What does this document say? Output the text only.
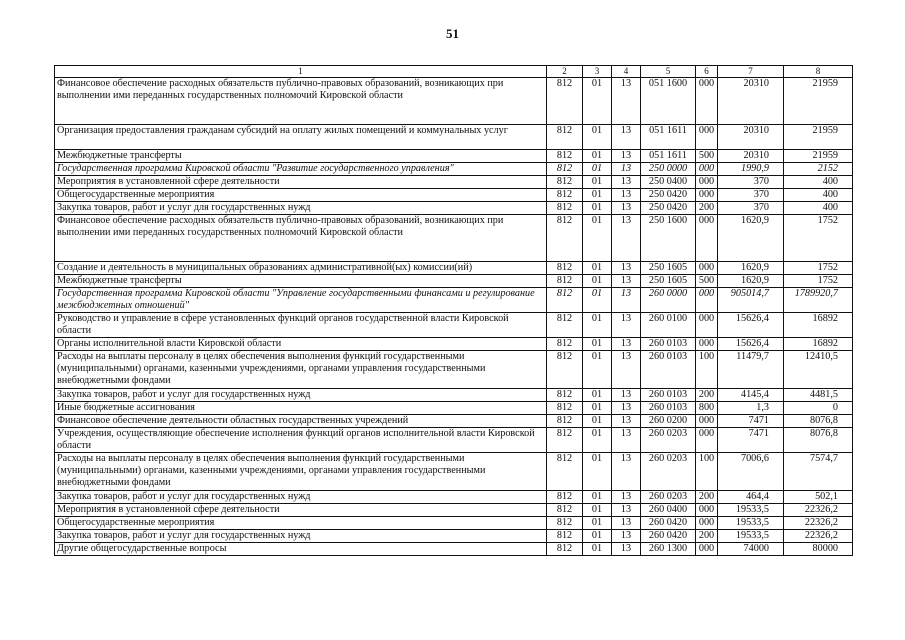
51
1	2	3	4	5	6	7	8
Финансовое обеспечение расходных обязательств публично-правовых образований, возникающих при выполнении ими переданных государственных полномочий Кировской области	812	01	13	051 1600	000	20310	21959
Организация предоставления гражданам субсидий на оплату жилых помещений и коммунальных услуг	812	01	13	051 1611	000	20310	21959
Межбюджетные трансферты	812	01	13	051 1611	500	20310	21959
Государственная программа Кировской области "Развитие государственного управления"	812	01	13	250 0000	000	1990,9	2152
Мероприятия в установленной сфере деятельности	812	01	13	250 0400	000	370	400
Общегосударственные мероприятия	812	01	13	250 0420	000	370	400
Закупка товаров, работ и услуг для государственных нужд	812	01	13	250 0420	200	370	400
Финансовое обеспечение расходных обязательств публично-правовых образований, возникающих при выполнении ими переданных государственных полномочий Кировской области	812	01	13	250 1600	000	1620,9	1752
Создание и деятельность в муниципальных образованиях административной(ых) комиссии(ий)	812	01	13	250 1605	000	1620,9	1752
Межбюджетные трансферты	812	01	13	250 1605	500	1620,9	1752
Государственная программа Кировской области "Управление государственными финансами и регулирование межбюджетных отношений"	812	01	13	260 0000	000	905014,7	1789920,7
Руководство и управление в сфере установленных функций органов государственной власти Кировской области	812	01	13	260 0100	000	15626,4	16892
Органы исполнительной власти Кировской области	812	01	13	260 0103	000	15626,4	16892
Расходы на выплаты персоналу в целях обеспечения выполнения функций государственными (муниципальными) органами, казенными учреждениями, органами управления государственными внебюджетными фондами	812	01	13	260 0103	100	11479,7	12410,5
Закупка товаров, работ и услуг для государственных нужд	812	01	13	260 0103	200	4145,4	4481,5
Иные бюджетные ассигнования	812	01	13	260 0103	800	1,3	0
Финансовое обеспечение деятельности областных государственных учреждений	812	01	13	260 0200	000	7471	8076,8
Учреждения, осуществляющие обеспечение исполнения функций органов исполнительной власти Кировской области	812	01	13	260 0203	000	7471	8076,8
Расходы на выплаты персоналу в целях обеспечения выполнения функций государственными (муниципальными) органами, казенными учреждениями, органами управления государственными внебюджетными фондами	812	01	13	260 0203	100	7006,6	7574,7
Закупка товаров, работ и услуг для государственных нужд	812	01	13	260 0203	200	464,4	502,1
Мероприятия в установленной сфере деятельности	812	01	13	260 0400	000	19533,5	22326,2
Общегосударственные мероприятия	812	01	13	260 0420	000	19533,5	22326,2
Закупка товаров, работ и услуг для государственных нужд	812	01	13	260 0420	200	19533,5	22326,2
Другие общегосударственные вопросы	812	01	13	260 1300	000	74000	80000
